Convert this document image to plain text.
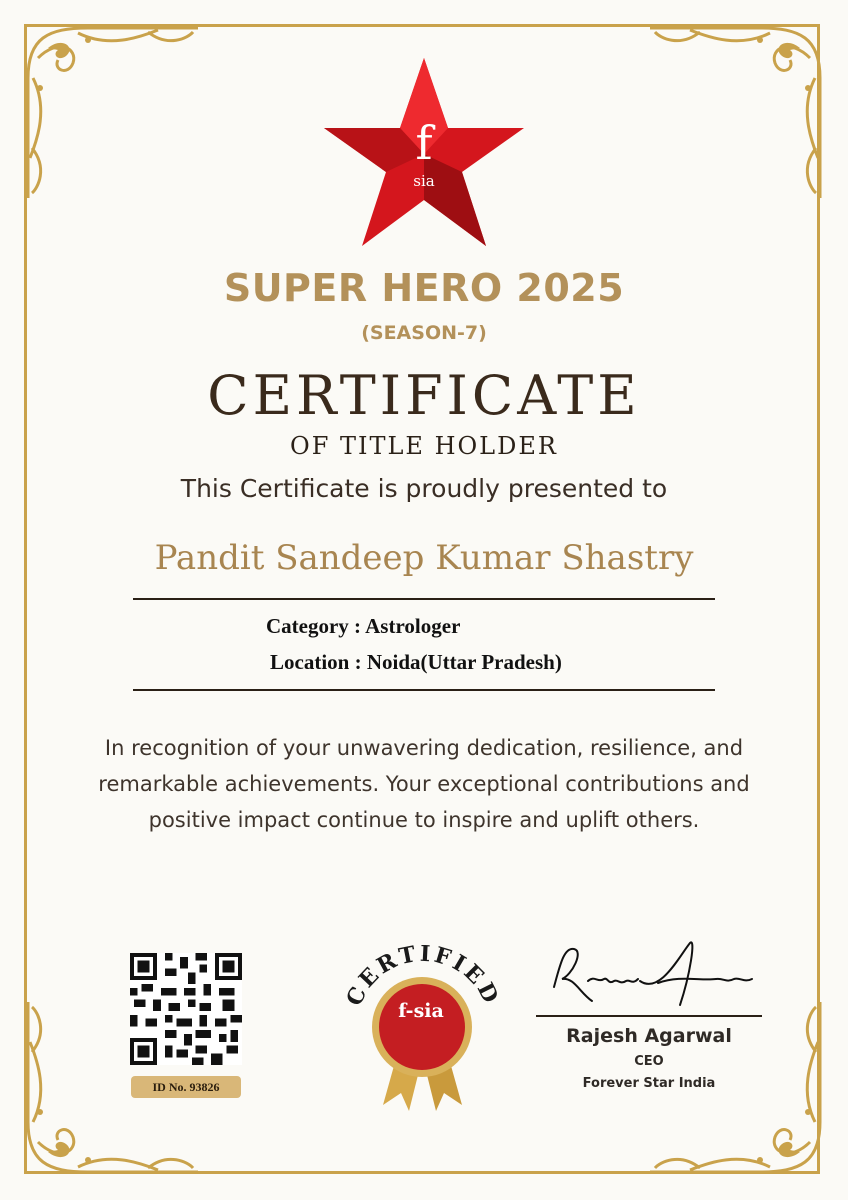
f
sia
SUPER HERO 2025
(SEASON-7)
CERTIFICATE
OF TITLE HOLDER
This Certificate is proudly presented to
Pandit Sandeep Kumar Shastry
Category : Astrologer
Location : Noida(Uttar Pradesh)
In recognition of your unwavering dedication, resilience, and remarkable achievements. Your exceptional contributions and positive impact continue to inspire and uplift others.
ID No. 93826
CERTIFIED
f-sia
Rajesh Agarwal
CEO
Forever Star India
